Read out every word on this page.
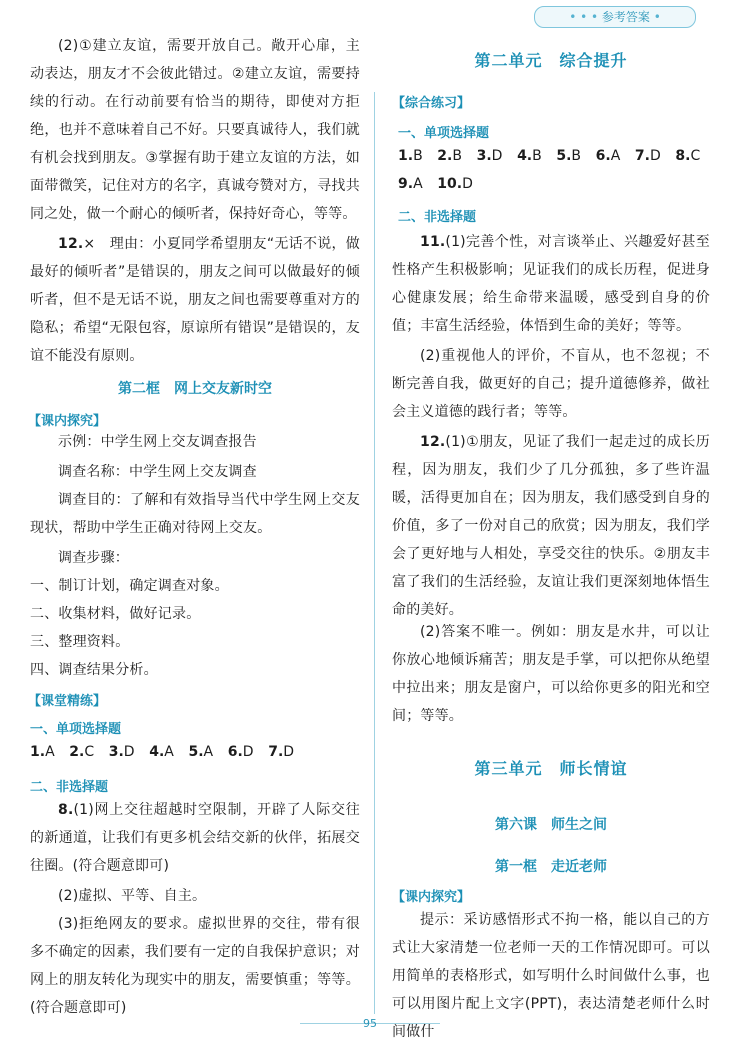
• • • 参考答案 •
(2)①建立友谊，需要开放自己。敞开心扉，主动表达，朋友才不会彼此错过。②建立友谊，需要持续的行动。在行动前要有恰当的期待，即使对方拒绝，也并不意味着自己不好。只要真诚待人，我们就有机会找到朋友。③掌握有助于建立友谊的方法，如面带微笑，记住对方的名字，真诚夸赞对方，寻找共同之处，做一个耐心的倾听者，保持好奇心，等等。
12.×　理由：小夏同学希望朋友“无话不说，做最好的倾听者”是错误的，朋友之间可以做最好的倾听者，但不是无话不说，朋友之间也需要尊重对方的隐私；希望“无限包容，原谅所有错误”是错误的，友谊不能没有原则。
第二框　网上交友新时空
【课内探究】
示例：中学生网上交友调查报告
调查名称：中学生网上交友调查
调查目的：了解和有效指导当代中学生网上交友现状，帮助中学生正确对待网上交友。
调查步骤：
一、制订计划，确定调查对象。
二、收集材料，做好记录。
三、整理资料。
四、调查结果分析。
【课堂精练】
一、单项选择题
1.A 2.C 3.D 4.A 5.A 6.D 7.D
二、非选择题
8.(1)网上交往超越时空限制，开辟了人际交往的新通道，让我们有更多机会结交新的伙伴，拓展交往圈。(符合题意即可)
(2)虚拟、平等、自主。
(3)拒绝网友的要求。虚拟世界的交往，带有很多不确定的因素，我们要有一定的自我保护意识；对网上的朋友转化为现实中的朋友，需要慎重；等等。(符合题意即可)
第二单元　综合提升
【综合练习】
一、单项选择题
1.B 2.B 3.D 4.B 5.B 6.A 7.D 8.C
9.A 10.D
二、非选择题
11.(1)完善个性，对言谈举止、兴趣爱好甚至性格产生积极影响；见证我们的成长历程，促进身心健康发展；给生命带来温暖，感受到自身的价值；丰富生活经验，体悟到生命的美好；等等。
(2)重视他人的评价，不盲从，也不忽视；不断完善自我，做更好的自己；提升道德修养，做社会主义道德的践行者；等等。
12.(1)①朋友，见证了我们一起走过的成长历程，因为朋友，我们少了几分孤独，多了些许温暖，活得更加自在；因为朋友，我们感受到自身的价值，多了一份对自己的欣赏；因为朋友，我们学会了更好地与人相处，享受交往的快乐。②朋友丰富了我们的生活经验，友谊让我们更深刻地体悟生命的美好。
(2)答案不唯一。例如：朋友是水井，可以让你放心地倾诉痛苦；朋友是手掌，可以把你从绝望中拉出来；朋友是窗户，可以给你更多的阳光和空间；等等。
第三单元　师长情谊
第六课　师生之间
第一框　走近老师
【课内探究】
提示：采访感悟形式不拘一格，能以自己的方式让大家清楚一位老师一天的工作情况即可。可以用简单的表格形式，如写明什么时间做什么事，也可以用图片配上文字(PPT)，表达清楚老师什么时间做什
95
